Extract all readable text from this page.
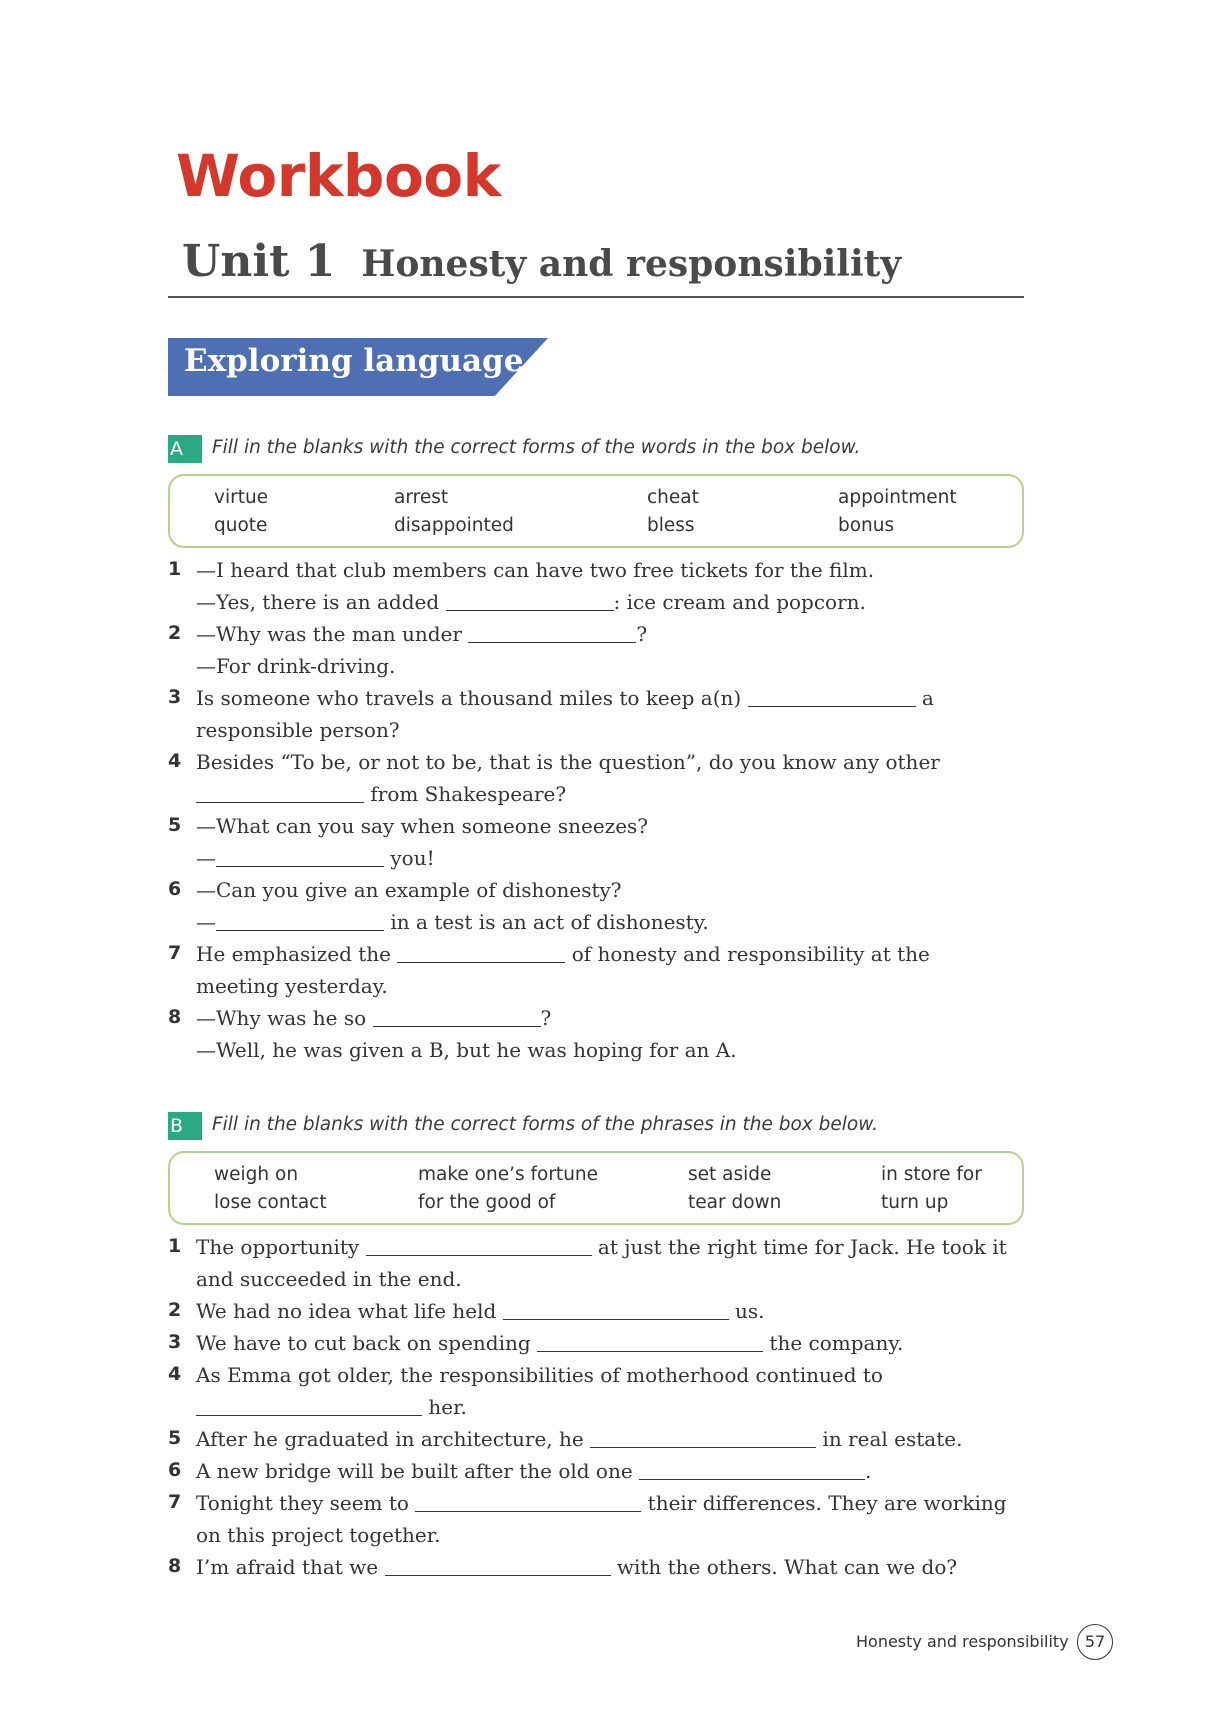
Workbook
Unit 1 Honesty and responsibility
Exploring language
A	Fill in the blanks with the correct forms of the words in the box below.
virtue	arrest	cheat	appointment
quote	disappointed	bless	bonus
1 —I heard that club members can have two free tickets for the film.
—Yes, there is an added	: ice cream and popcorn.
2 —Why was the man under	?
—For drink-driving.
3 Is someone who travels a thousand miles to keep a(n)	a
responsible person?
4 Besides “To be, or not to be, that is the question”, do you know any other
from Shakespeare?
5 —What can you say when someone sneezes?
—	you!
6 —Can you give an example of dishonesty?
—	in a test is an act of dishonesty.
7 He emphasized the	of honesty and responsibility at the
meeting yesterday.
8 —Why was he so	?
—Well, he was given a B, but he was hoping for an A.
B	Fill in the blanks with the correct forms of the phrases in the box below.
weigh on	make one’s fortune	set aside	in store for
lose contact	for the good of	tear down	turn up
1 The opportunity	at just the right time for Jack. He took it
and succeeded in the end.
2 We had no idea what life held	us.
3 We have to cut back on spending	the company.
4 As Emma got older, the responsibilities of motherhood continued to
her.
5 After he graduated in architecture, he	in real estate.
6 A new bridge will be built after the old one	.
7 Tonight they seem to	their differences. They are working
on this project together.
8 I’m afraid that we	with the others. What can we do?
Honesty and responsibility	57
